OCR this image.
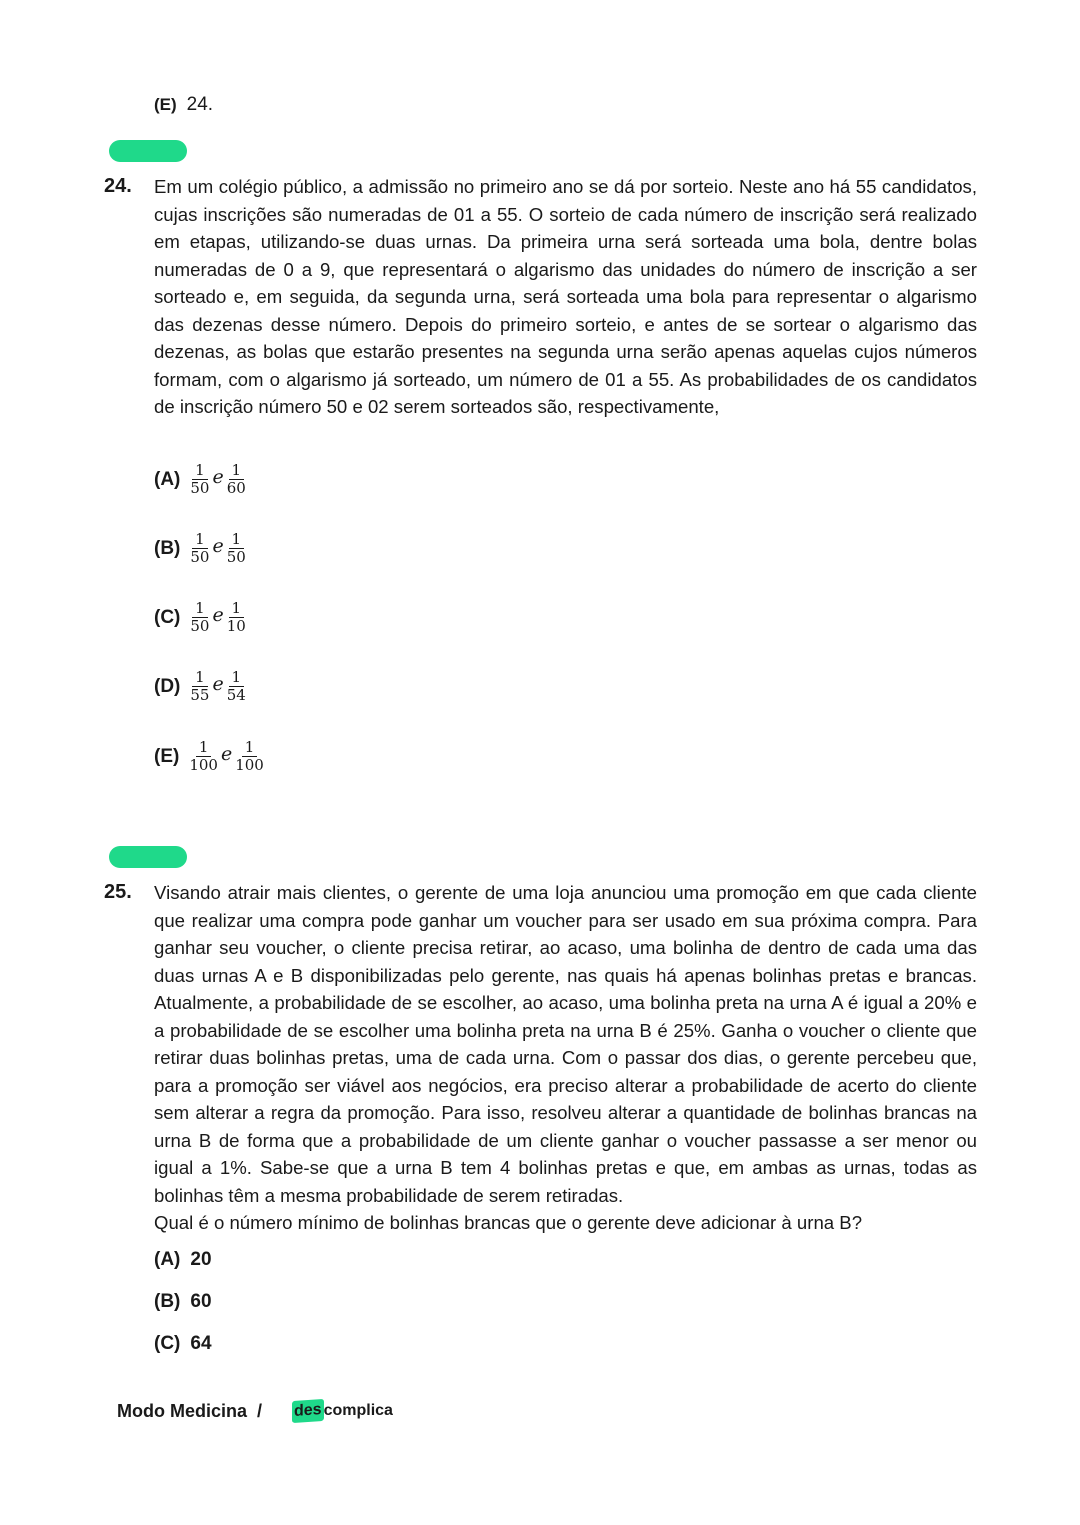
(E) 24.
24. Em um colégio público, a admissão no primeiro ano se dá por sorteio. Neste ano há 55 candidatos, cujas inscrições são numeradas de 01 a 55. O sorteio de cada número de inscrição será realizado em etapas, utilizando-se duas urnas. Da primeira urna será sorteada uma bola, dentre bolas numeradas de 0 a 9, que representará o algarismo das unidades do número de inscrição a ser sorteado e, em seguida, da segunda urna, será sorteada uma bola para representar o algarismo das dezenas desse número. Depois do primeiro sorteio, e antes de se sortear o algarismo das dezenas, as bolas que estarão presentes na segunda urna serão apenas aquelas cujos números formam, com o algarismo já sorteado, um número de 01 a 55. As probabilidades de os candidatos de inscrição número 50 e 02 serem sorteados são, respectivamente,
$(A) \frac{1}{50}$ e $\frac{1}{60}$
$(B) \frac{1}{50}$ e $\frac{1}{50}$
$(C) \frac{1}{50}$ e $\frac{1}{10}$
$(D) \frac{1}{55}$ e $\frac{1}{54}$
$(E) \frac{1}{100}$ e $\frac{1}{100}$
25. Visando atrair mais clientes, o gerente de uma loja anunciou uma promoção em que cada cliente que realizar uma compra pode ganhar um voucher para ser usado em sua próxima compra. Para ganhar seu voucher, o cliente precisa retirar, ao acaso, uma bolinha de dentro de cada uma das duas urnas A e B disponibilizadas pelo gerente, nas quais há apenas bolinhas pretas e brancas. Atualmente, a probabilidade de se escolher, ao acaso, uma bolinha preta na urna A é igual a 20% e a probabilidade de se escolher uma bolinha preta na urna B é 25%. Ganha o voucher o cliente que retirar duas bolinhas pretas, uma de cada urna. Com o passar dos dias, o gerente percebeu que, para a promoção ser viável aos negócios, era preciso alterar a probabilidade de acerto do cliente sem alterar a regra da promoção. Para isso, resolveu alterar a quantidade de bolinhas brancas na urna B de forma que a probabilidade de um cliente ganhar o voucher passasse a ser menor ou igual a 1%. Sabe-se que a urna B tem 4 bolinhas pretas e que, em ambas as urnas, todas as bolinhas têm a mesma probabilidade de serem retiradas.
Qual é o número mínimo de bolinhas brancas que o gerente deve adicionar à urna B?
(A) 20
(B) 60
(C) 64
Modo Medicina / des complica
